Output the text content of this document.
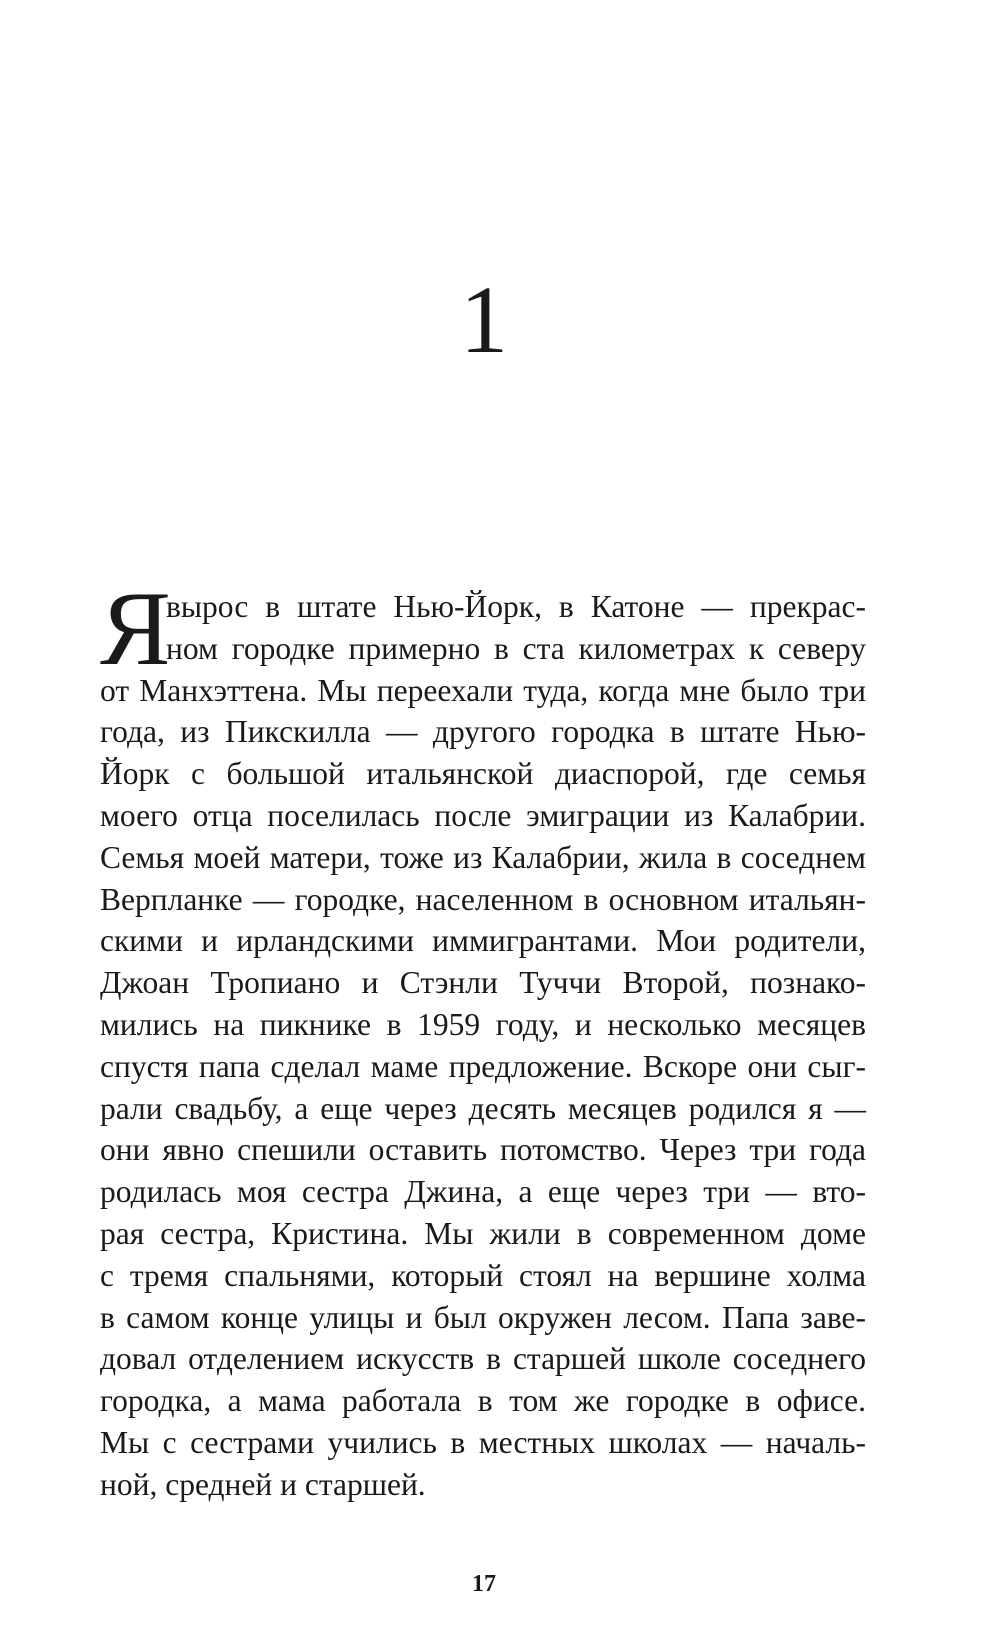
1
Я
вырос в штате Нью-Йорк, в Катоне — прекрас-
ном городке примерно в ста километрах к северу
от Манхэттена. Мы переехали туда, когда мне было три
года, из Пикскилла — другого городка в штате Нью-
Йорк с большой итальянской диаспорой, где семья
моего отца поселилась после эмиграции из Калабрии.
Семья моей матери, тоже из Калабрии, жила в соседнем
Верпланке — городке, населенном в основном итальян-
скими и ирландскими иммигрантами. Мои родители,
Джоан Тропиано и Стэнли Туччи Второй, познако-
мились на пикнике в 1959 году, и несколько месяцев
спустя папа сделал маме предложение. Вскоре они сыг-
рали свадьбу, а еще через десять месяцев родился я —
они явно спешили оставить потомство. Через три года
родилась моя сестра Джина, а еще через три — вто-
рая сестра, Кристина. Мы жили в современном доме
с тремя спальнями, который стоял на вершине холма
в самом конце улицы и был окружен лесом. Папа заве-
довал отделением искусств в старшей школе соседнего
городка, а мама работала в том же городке в офисе.
Мы с сестрами учились в местных школах — началь-
ной, средней и старшей.
17
